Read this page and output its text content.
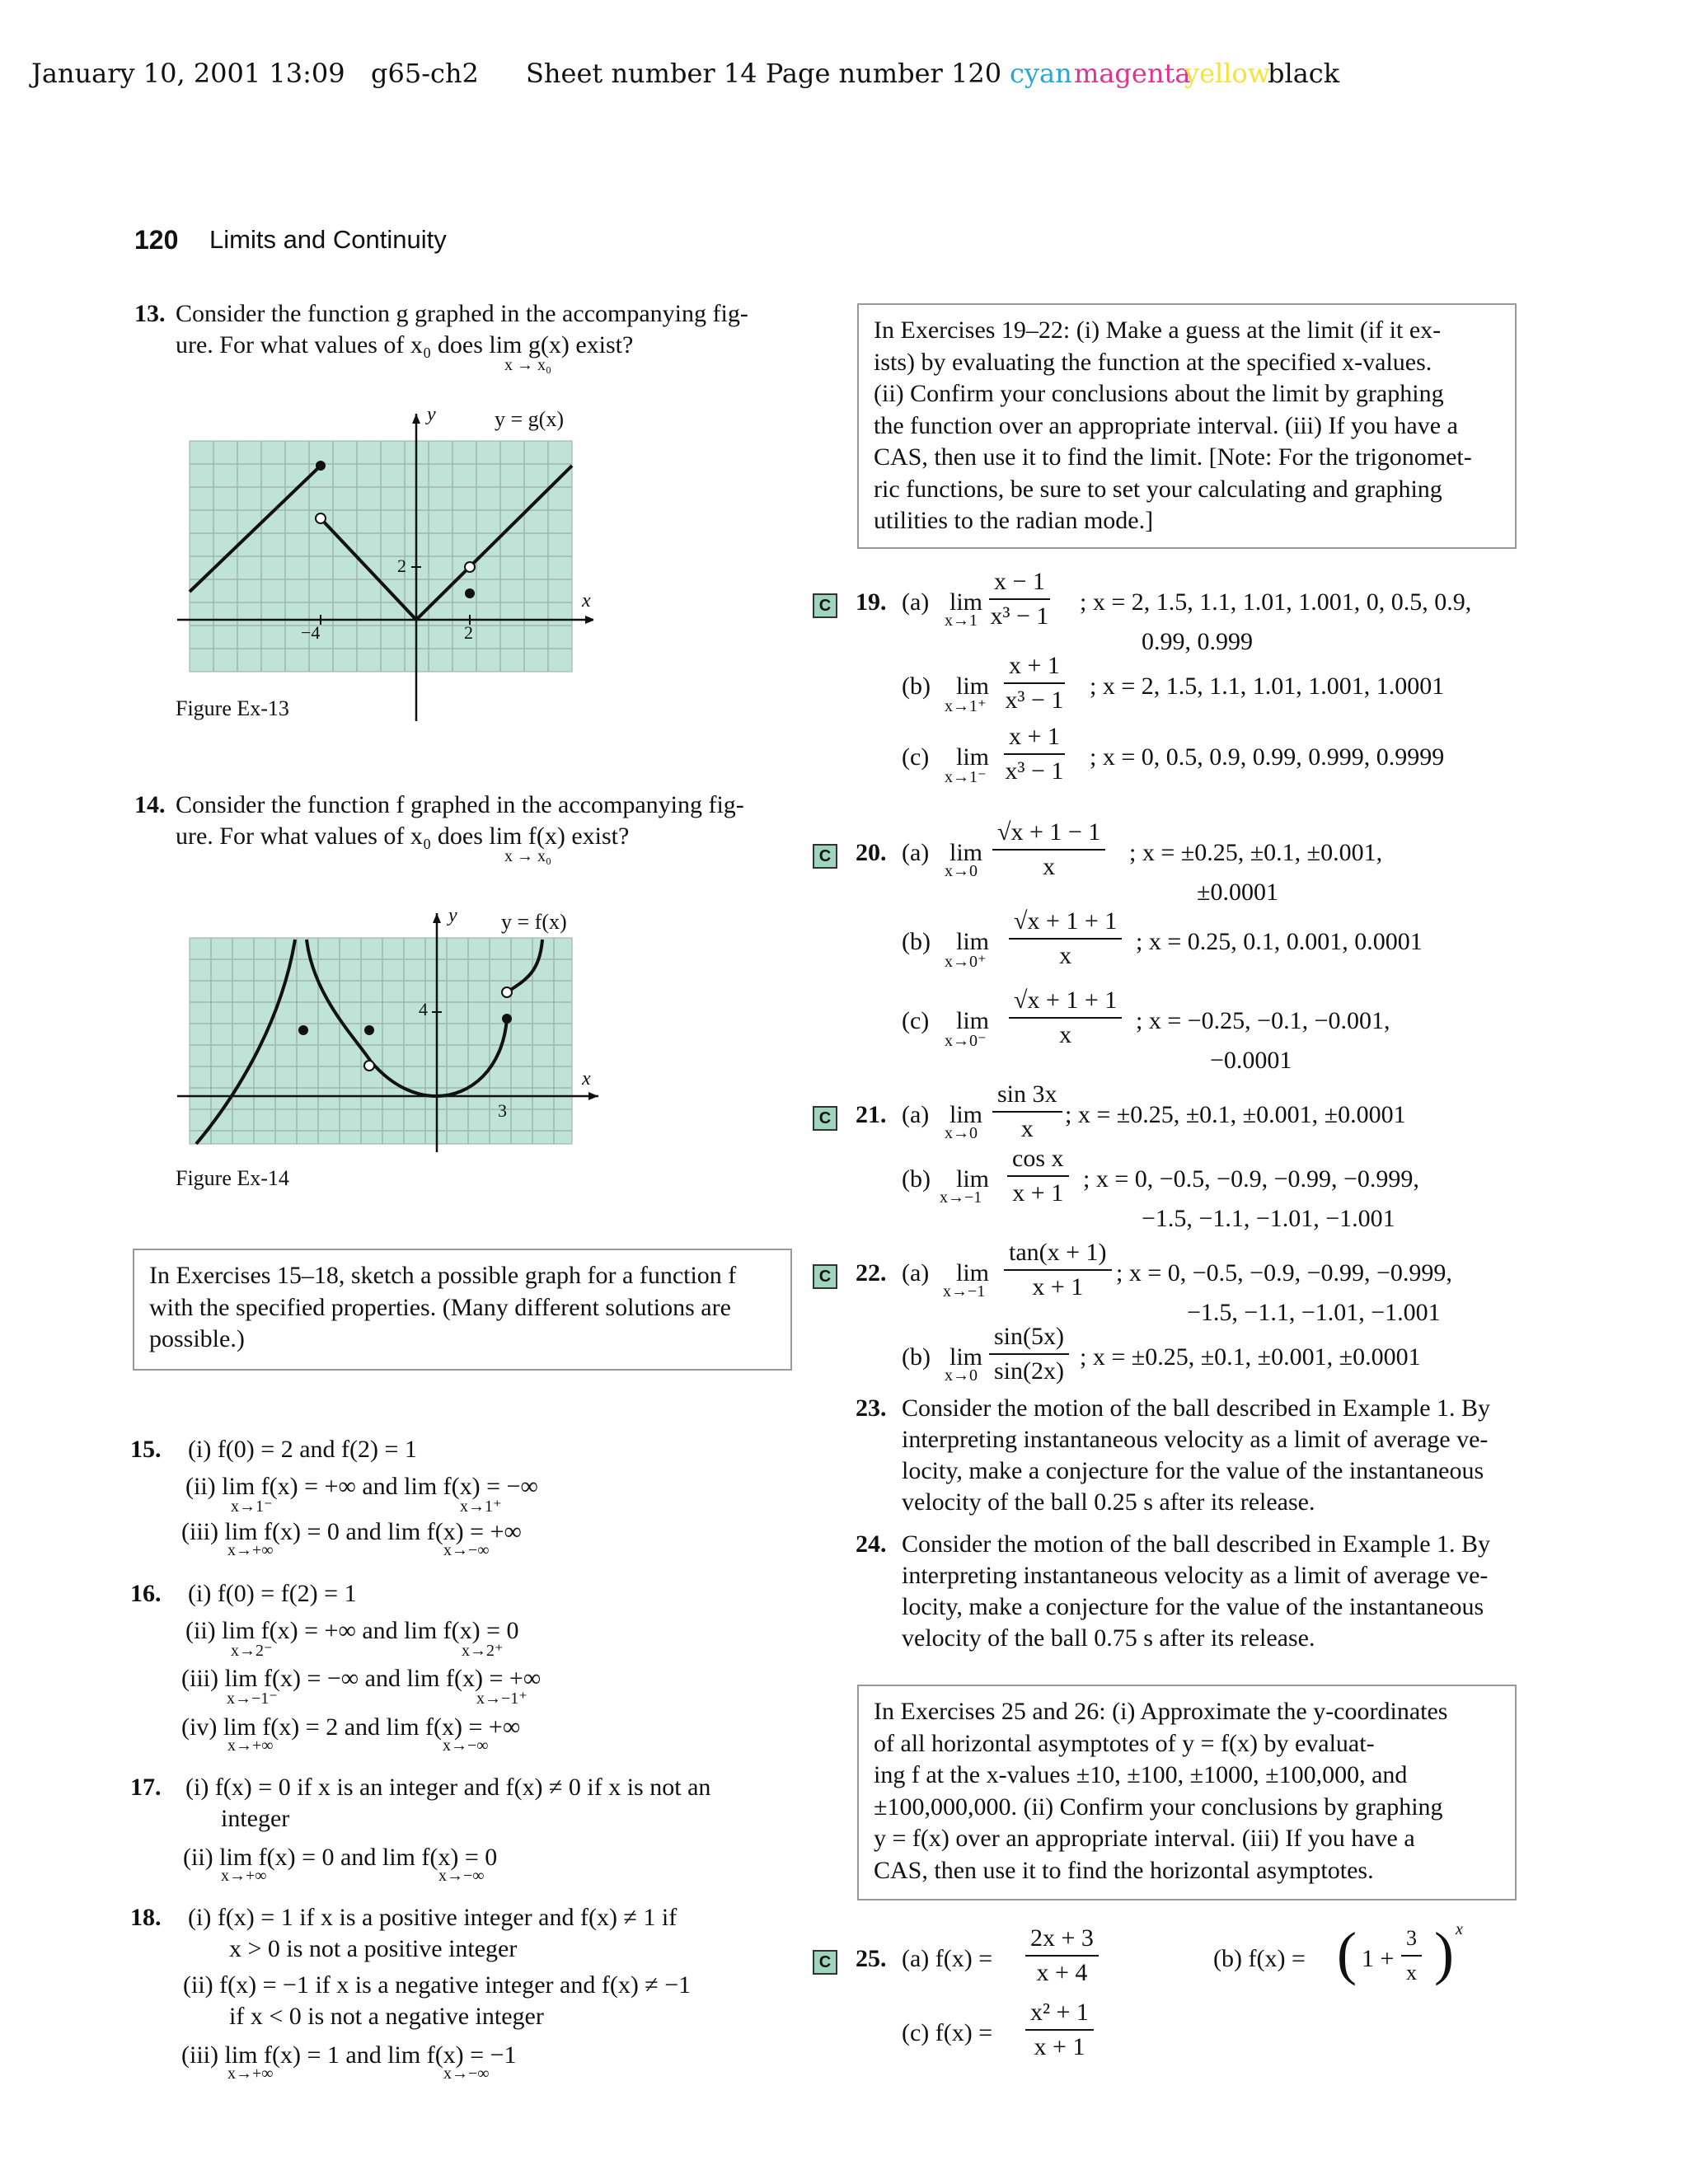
January 10, 2001 13:09 g65-ch2 Sheet number 14 Page number 120 cyan magenta
yellow
black
120 Limits and Continuity
13. Consider the function g graphed in the accompanying fig-
ure. For what values of x₀ does lim g(x) exist?
x → x₀
y	y = g(x)
x
−4	2
2
Figure Ex-13
14. Consider the function f graphed in the accompanying fig-
ure. For what values of x₀ does lim f(x) exist?
x → x₀
y y = f(x)
x
3
4
Figure Ex-14
In Exercises 15–18, sketch a possible graph for a function f
with the specified properties. (Many different solutions are
possible.)
15. (i) f(0) = 2 and f(2) = 1
(ii) lim f(x) = +∞ and lim f(x) = −∞
x→1⁻	x→1⁺
(iii) lim f(x) = 0 and lim f(x) = +∞
x→+∞	x→−∞
16. (i) f(0) = f(2) = 1
(ii) lim f(x) = +∞ and lim f(x) = 0
x→2⁻	x→2⁺
(iii) lim f(x) = −∞ and lim f(x) = +∞
x→−1⁻	x→−1⁺
(iv) lim f(x) = 2 and lim f(x) = +∞
x→+∞	x→−∞
17. (i) f(x) = 0 if x is an integer and f(x) ≠ 0 if x is not an
integer
(ii) lim f(x) = 0 and lim f(x) = 0
x→+∞	x→−∞
18. (i) f(x) = 1 if x is a positive integer and f(x) ≠ 1 if
x > 0 is not a positive integer
(ii) f(x) = −1 if x is a negative integer and f(x) ≠ −1
if x < 0 is not a negative integer
(iii) lim f(x) = 1 and lim f(x) = −1
x→+∞	x→−∞
In Exercises 19–22: (i) Make a guess at the limit (if it ex-
ists) by evaluating the function at the specified x-values.
(ii) Confirm your conclusions about the limit by graphing
the function over an appropriate interval. (iii) If you have a
CAS, then use it to find the limit. [Note: For the trigonomet-
ric functions, be sure to set your calculating and graphing
utilities to the radian mode.]
C 19. (a) lim
$x\to 1 \frac{x - 1}{\text{x³ − 1}}$ ; x = 2, 1.5, 1.1, 1.01, 1.001, 0, 0.5, 0.9,
0.99, 0.999
(b) lim
$x\to 1^+ \frac{x + 1}{\text{x³ − 1}}$ ; x = 2, 1.5, 1.1, 1.01, 1.001, 1.0001
(c) lim
$x\to 1^- \frac{x + 1}{\text{x³ − 1}}$ ; x = 0, 0.5, 0.9, 0.99, 0.999, 0.9999
C 20. (a) lim
$x\to 0 \frac{√x + 1 - 1}{x}$ ; x = ±0.25, ±0.1, ±0.001,
±0.0001
(b) lim
$x\to 0^+ \frac{√x + 1 + 1}{x}$ ; x = 0.25, 0.1, 0.001, 0.0001
(c) lim
$x\to 0^- \frac{√x + 1 + 1}{x}$ ; x = −0.25, −0.1, −0.001,
−0.0001
C 21. (a) lim
$x\to 0 \frac{\sin 3x}{x}$ ; x = ±0.25, ±0.1, ±0.001, ±0.0001
(b) lim
$x\to-1 \frac{\text{cos x}}{x + 1}$ ; x = 0, −0.5, −0.9, −0.99, −0.999,
−1.5, −1.1, −1.01, −1.001
C 22. (a) lim
$x\to-1 \frac{\tan(x + 1)}{x + 1}$ ; x = 0, −0.5, −0.9, −0.99, −0.999,
−1.5, −1.1, −1.01, −1.001
(b) lim
$x\to 0 \frac{\sin(5x)}{\sin(2x)}$ ; x = ±0.25, ±0.1, ±0.001, ±0.0001
23. Consider the motion of the ball described in Example 1. By
interpreting instantaneous velocity as a limit of average ve-
locity, make a conjecture for the value of the instantaneous
velocity of the ball 0.25 s after its release.
24. Consider the motion of the ball described in Example 1. By
interpreting instantaneous velocity as a limit of average ve-
locity, make a conjecture for the value of the instantaneous
velocity of the ball 0.75 s after its release.
In Exercises 25 and 26: (i) Approximate the y-coordinates
of all horizontal asymptotes of y = f(x) by evaluat-
ing f at the x-values ±10, ±100, ±1000, ±100,000, and
±100,000,000. (ii) Confirm your conclusions by graphing
y = f(x) over an appropriate interval. (iii) If you have a
CAS, then use it to find the horizontal asymptotes.
C 25. (a) $f(x) = \frac{2x + 3}{x + 4}$	(b) f(x) = ( $1 + \frac{3}{x}$ ) x
(c) $f(x) = \frac{\text{x² + 1}}{x + 1}$
